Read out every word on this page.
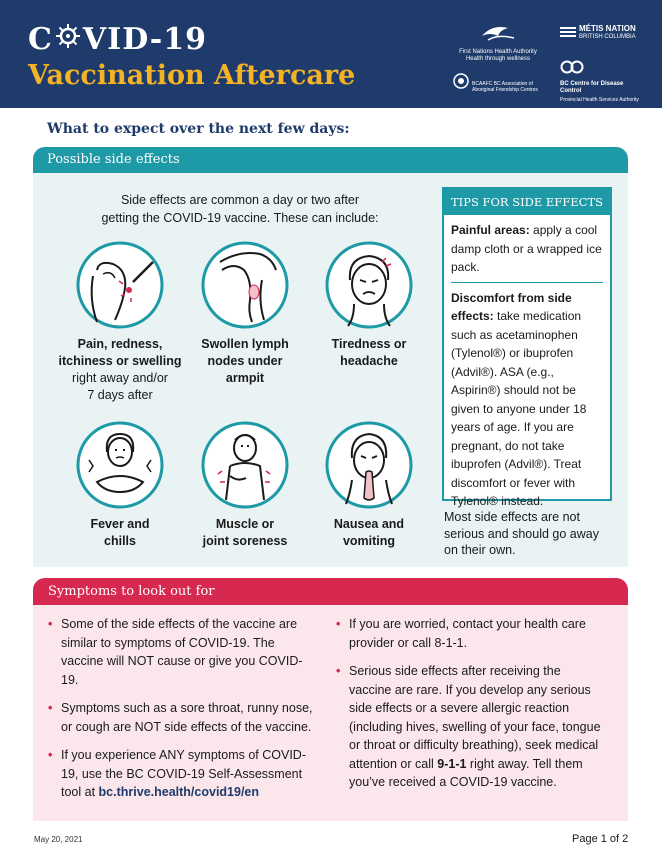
C VID-19
Vaccination Aftercare
First Nations Health Authority
Health through wellness
MÉTIS NATION
BRITISH COLUMBIA
BCAAFC BC Association of Aboriginal Friendship Centres
BC Centre for Disease Control
Provincial Health Services Authority
What to expect over the next few days:
Possible side effects
Side effects are common a day or two after
getting the COVID-19 vaccine. These can include:
Pain, redness,
itchiness or swelling
right away and/or
7 days after
Swollen lymph
nodes under
armpit
Tiredness or
headache
Fever and
chills
Muscle or
joint soreness
Nausea and
vomiting
TIPS FOR SIDE EFFECTS

Painful areas: apply a cool damp cloth or a wrapped ice pack.

Discomfort from side effects: take medication such as acetaminophen (Tylenol®) or ibuprofen (Advil®). ASA (e.g., Aspirin®) should not be given to anyone under 18 years of age. If you are pregnant, do not take ibuprofen (Advil®). Treat discomfort or fever with Tylenol® instead.

Most side effects are not serious and should go away on their own.
Symptoms to look out for
• Some of the side effects of the vaccine are similar to symptoms of COVID-19. The vaccine will NOT cause or give you COVID-19.
• Symptoms such as a sore throat, runny nose, or cough are NOT side effects of the vaccine.
• If you experience ANY symptoms of COVID-19, use the BC COVID-19 Self-Assessment tool at bc.thrive.health/covid19/en
• If you are worried, contact your health care provider or call 8-1-1.
• Serious side effects after receiving the vaccine are rare. If you develop any serious side effects or a severe allergic reaction (including hives, swelling of your face, tongue or throat or difficulty breathing), seek medical attention or call 9-1-1 right away. Tell them you’ve received a COVID-19 vaccine.
May 20, 2021	Page 1 of 2
